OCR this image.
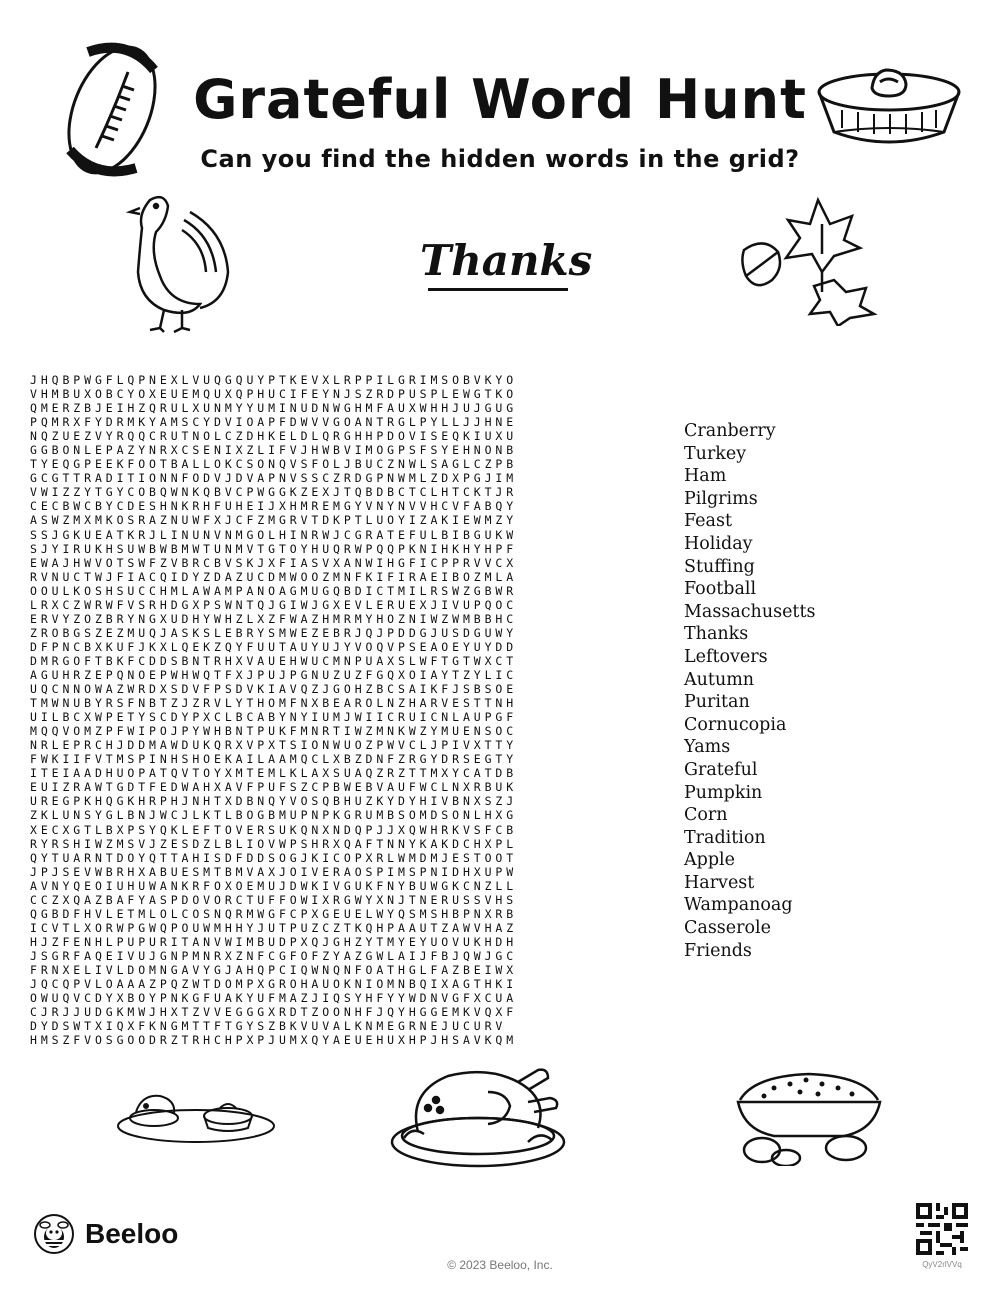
Grateful Word Hunt
Can you find the hidden words in the grid?
Thanks
JHQBPWGFLQPNEXLVUQGQUYPTKEVXLRPPILGRIMSOBVKYO
VHMBUXOBCYOXEUEMQUXQPHUCIFEYNJSZRDPUSPLEWGTKO
QMERZBJEIHZQRULXUNMYYUMINUDNWGHMFAUXWHHJUJGUG
PQMRXFYDRMKYAMSCYDVIOAPFDWVVGOANTRGLPYLLJJHNE
NQZUEZVYRQQCRUTNOLCZDHKELDLQRGHHPDOVISEQKIUXU
GGBONLEPAZYNRXCSENIXZLIFVJHWBVIMOGPSFSYEHNONB
TYEQGPEEKFOOTBALLOKCSONQVSFOLJBUCZNWLSAGLCZPB
GCGTTRADITIONNFODVJDVAPNVSSCZRDGPNWMLZDXPGJIM
VWIZZYTGYCOBQWNKQBVCPWGGKZEXJTQBDBCTCLHTCKTJR
CECBWCBYCDESHNKRHFUHEIJXHMREMGYVNYNVVHCVFABQY
ASWZMXMKOSRAZNUWFXJCFZMGRVTDKPTLUOYIZAKIEWMZY
SSJGKUEATKRJLINUNVNMGOLHINRWJCGRATEFULBIBGUKW
SJYIRUKHSUWBWBMWTUNMVTGTOYHUQRWPQQPKNIHKHYHPF
EWAJHWVOTSWFZVBRCBVSKJXFIASVXANWIHGFICPPRVVCX
RVNUCTWJFIACQIDYZDAZUCDMWOOZMNFKIFIRAEIBOZMLA
OOULKOSHSUCCHMLAWAMPANOAGMUGQBDICTMILRSWZGBWR
LRXCZWRWFVSRHDGXPSWNTQJGIWJGXEVLERUEXJIVUPQOC
ERVYZOZBRYNGXUDHYWHZLXZFWAZHMRMYHOZNIWZWMBBHC
ZROBGSZEZMUQJASKSLEBRYSMWEZEBRJQJPDDGJUSDGUWY
DFPNCBXKUFJKXLQEKZQYFUUTAUYUJYVOQVPSEAOEYUYDD
DMRGOFTBKFCDDSBNTRHXVAUEHWUCMNPUAXSLWFTGTWXCT
AGUHRZEPQNOEPWHWQTFXJPUJPGNUZUZFGQXOIAYTZYLIC
UQCNNOWAZWRDXSDVFPSDVKIAVQZJGOHZBCSAIKFJSBSOE
TMWNUBYRSFNBTZJZRVLYTHOMFNXBEAROLNZHARVESTTNH
UILBCXWPETYSCDYPXCLBCABYNYIUMJWIICRUICNLAUPGF
MQQVOMZPFWIPOJPYWHBNTPUKFMNRTIWZMNKWZYMUENSOC
NRLEPRCHJDDMAWDUKQRXVPXTSIONWUOZPWVCLJPIVXTTY
FWKIIFVTMSPINHSHOEKAILAAMQCLXBZDNFZRGYDRSEGTY
ITEIAADHUOPATQVTOYXMTEMLKLAXSUAQZRZTTMXYCATDB
EUIZRAWTGDTFEDWAHXAVFPUFSZCPBWEBVAUFWCLNXRBUK
UREGPKHQGKHRPHJNHTXDBNQYVOSQBHUZKYDYHIVBNXSZJ
ZKLUNSYGLBNJWCJLKTLBOGBMUPNPKGRUMBSOMDSONLHXG
XECXGTLBXPSYQKLEFTOVERSUKQNXNDQPJJXQWHRKVSFCB
RYRSHIWZMSVJZESDZLBLIOVWPSHRXQAFTNNYKAKDCHXPL
QYTUARNTDOYQTTAHISDFDDSOGJKICOPXRLWMDMJESTOOT
JPJSEVWBRHXABUESMTBMVAXJOIVERAOSPIMSPNIDHXUPW
AVNYQEOIUHUWANKRFOXOEMUJDWKIVGUKFNYBUWGKCNZLL
CCZXQAZBAFYASPDOVORCTUFFOWIXRGWYXNJTNERUSSVHS
QGBDFHVLETMLOLCOSNQRMWGFCPXGEUELWYQSMSHBPNXRB
ICVTLXORWPGWQPOUWMHHYJUTPUZCZTKQHPAAUTZAWVHAZ
HJZFENHLPUPURITANVWIMBUDPXQJGHZYTMYEYUOVUKHDH
JSGRFAQEIVUJGNPMNRXZNFCGFOFZYAZGWLAIJFBJQWJGC
FRNXELIVLDOMNGAVYGJAHQPCIQWNQNFOATHGLFAZBEIWX
JQCQPVLOAAAZPQZWTDOMPXGROHAUOKNIOMNBQIXAGTHKI
OWUQVCDYXBOYPNKGFUAKYUFMAZJIQSYHFYYWDNVGFXCUA
CJRJJUDGKMWJHXTZVVEGGGXRDTZOONHFJQYHGGEMKVQXF
DYDSWTXIQXFKNGMTTFTGYSZBKVUVALKNMEGRNEJUCURV
HMSZFVOSGOODRZTRHCHPXPJUMXQYAEUEHUXHPJHSAVKQM
Cranberry
Turkey
Ham
Pilgrims
Feast
Holiday
Stuffing
Football
Massachusetts
Thanks
Leftovers
Autumn
Puritan
Cornucopia
Yams
Grateful
Pumpkin
Corn
Tradition
Apple
Harvest
Wampanoag
Casserole
Friends
Beeloo
© 2023 Beeloo, Inc.	QyV2rlVVq
